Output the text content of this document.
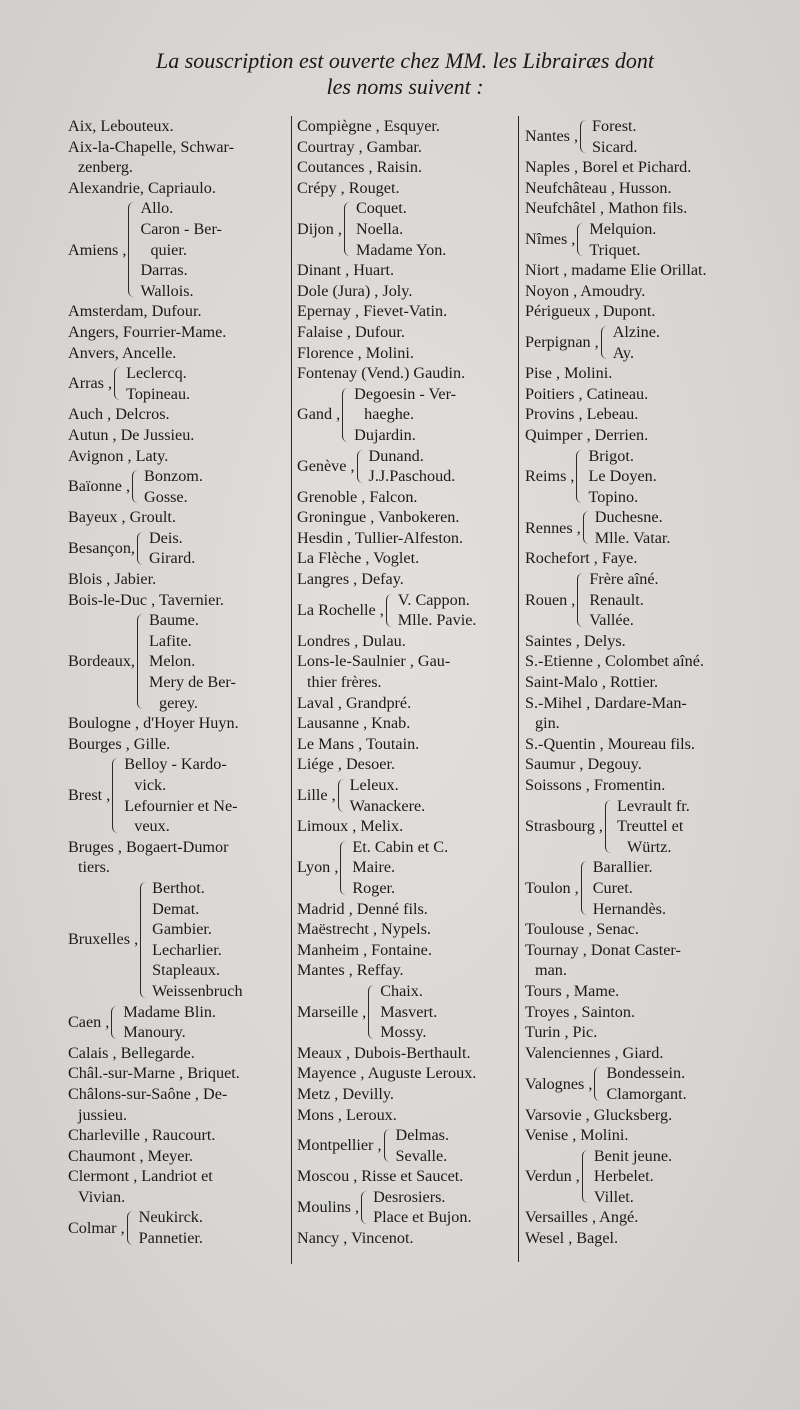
La souscription est ouverte chez MM. les Librairæs dont
les noms suivent :
Aix, Lebouteux.
Aix-la-Chapelle, Schwar-
zenberg.
Alexandrie, Capriaulo.
Amiens ,
Allo.
Caron - Ber-
quier.
Darras.
Wallois.
Amsterdam, Dufour.
Angers, Fourrier-Mame.
Anvers, Ancelle.
Arras ,
Leclercq.
Topineau.
Auch , Delcros.
Autun , De Jussieu.
Avignon , Laty.
Baïonne ,
Bonzom.
Gosse.
Bayeux , Groult.
Besançon,
Deis.
Girard.
Blois , Jabier.
Bois-le-Duc , Tavernier.
Bordeaux,
Baume.
Lafite.
Melon.
Mery de Ber-
gerey.
Boulogne , d'Hoyer Huyn.
Bourges , Gille.
Brest ,
Belloy - Kardo-
vick.
Lefournier et Ne-
veux.
Bruges , Bogaert-Dumor
tiers.
Bruxelles ,
Berthot.
Demat.
Gambier.
Lecharlier.
Stapleaux.
Weissenbruch
Caen ,
Madame Blin.
Manoury.
Calais , Bellegarde.
Châl.-sur-Marne , Briquet.
Châlons-sur-Saône , De-
jussieu.
Charleville , Raucourt.
Chaumont , Meyer.
Clermont , Landriot et
Vivian.
Colmar ,
Neukirck.
Pannetier.
Compiègne , Esquyer.
Courtray , Gambar.
Coutances , Raisin.
Crépy , Rouget.
Dijon ,
Coquet.
Noella.
Madame Yon.
Dinant , Huart.
Dole (Jura) , Joly.
Epernay , Fievet-Vatin.
Falaise , Dufour.
Florence , Molini.
Fontenay (Vend.) Gaudin.
Gand ,
Degoesin - Ver-
haeghe.
Dujardin.
Genève ,
Dunand.
J.J.Paschoud.
Grenoble , Falcon.
Groningue , Vanbokeren.
Hesdin , Tullier-Alfeston.
La Flèche , Voglet.
Langres , Defay.
La Rochelle ,
V. Cappon.
Mlle. Pavie.
Londres , Dulau.
Lons-le-Saulnier , Gau-
thier frères.
Laval , Grandpré.
Lausanne , Knab.
Le Mans , Toutain.
Liége , Desoer.
Lille ,
Leleux.
Wanackere.
Limoux , Melix.
Lyon ,
Et. Cabin et C.
Maire.
Roger.
Madrid , Denné fils.
Maëstrecht , Nypels.
Manheim , Fontaine.
Mantes , Reffay.
Marseille ,
Chaix.
Masvert.
Mossy.
Meaux , Dubois-Berthault.
Mayence , Auguste Leroux.
Metz , Devilly.
Mons , Leroux.
Montpellier ,
Delmas.
Sevalle.
Moscou , Risse et Saucet.
Moulins ,
Desrosiers.
Place et Bujon.
Nancy , Vincenot.
Nantes ,
Forest.
Sicard.
Naples , Borel et Pichard.
Neufchâteau , Husson.
Neufchâtel , Mathon fils.
Nîmes ,
Melquion.
Triquet.
Niort , madame Elie Orillat.
Noyon , Amoudry.
Périgueux , Dupont.
Perpignan ,
Alzine.
Ay.
Pise , Molini.
Poitiers , Catineau.
Provins , Lebeau.
Quimper , Derrien.
Reims ,
Brigot.
Le Doyen.
Topino.
Rennes ,
Duchesne.
Mlle. Vatar.
Rochefort , Faye.
Rouen ,
Frère aîné.
Renault.
Vallée.
Saintes , Delys.
S.-Etienne , Colombet aîné.
Saint-Malo , Rottier.
S.-Mihel , Dardare-Man-
gin.
S.-Quentin , Moureau fils.
Saumur , Degouy.
Soissons , Fromentin.
Strasbourg ,
Levrault fr.
Treuttel et
Würtz.
Toulon ,
Barallier.
Curet.
Hernandès.
Toulouse , Senac.
Tournay , Donat Caster-
man.
Tours , Mame.
Troyes , Sainton.
Turin , Pic.
Valenciennes , Giard.
Valognes ,
Bondessein.
Clamorgant.
Varsovie , Glucksberg.
Venise , Molini.
Verdun ,
Benit jeune.
Herbelet.
Villet.
Versailles , Angé.
Wesel , Bagel.
